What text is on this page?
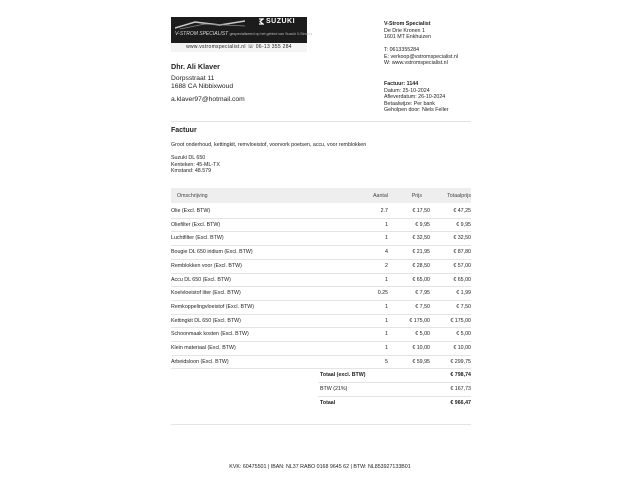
SUZUKI
V-STROM SPECIALIST gespecialiseerd op het gebied van Suzuki V-Strom's
www.vstromspecialist.nl ☏ 06-13 355 284
V-Strom Specialist
De Drie Kronen 1
1601 MT Enkhuizen
T: 0613355284
E: verkoop@vstromspecialist.nl
W: www.vstromspecialist.nl
Factuur: 1144
Datum: 25-10-2024
Afleverdatum: 26-10-2024
Betaalwijze: Per bank
Geholpen door: Niels Feller
Dhr. Ali Klaver
Dorpsstraat 11
1688 CA Nibbixwoud
a.klaver97@hotmail.com
Factuur
Groot onderhoud, kettingkit, remvloeistof, voorvork poetsen, accu, voor remblokken
Suzuki DL 650
Kenteken: 45-ML-TX
Kmstand: 48.579
Omschrijving	Aantal	Prijs	Totaalprijs
Olie (Excl. BTW)	2.7	€ 17,50	€ 47,25
Oliefilter (Excl. BTW)	1	€ 9,95	€ 9,95
Luchtfilter (Excl. BTW)	1	€ 32,50	€ 32,50
Bougie DL 650 iridium (Excl. BTW)	4	€ 21,95	€ 87,80
Remblokken voor (Excl. BTW)	2	€ 28,50	€ 57,00
Accu DL 650 (Excl. BTW)	1	€ 65,00	€ 65,00
Koelvloeistof liter (Excl. BTW)	0.25	€ 7,95	€ 1,99
Remkoppelingvloeistof (Excl. BTW)	1	€ 7,50	€ 7,50
Kettingkit DL 650 (Excl. BTW)	1	€ 175,00	€ 175,00
Schoonmaak kosten (Excl. BTW)	1	€ 5,00	€ 5,00
Klein materiaal (Excl. BTW)	1	€ 10,00	€ 10,00
Arbeidsloon (Excl. BTW)	5	€ 59,95	€ 299,75
Totaal (excl. BTW)	€ 798,74
BTW (21%)	€ 167,73
Totaal	€ 966,47
KVK: 60475501 | IBAN: NL37 RABO 0168 9645 62 | BTW: NL853927133B01
